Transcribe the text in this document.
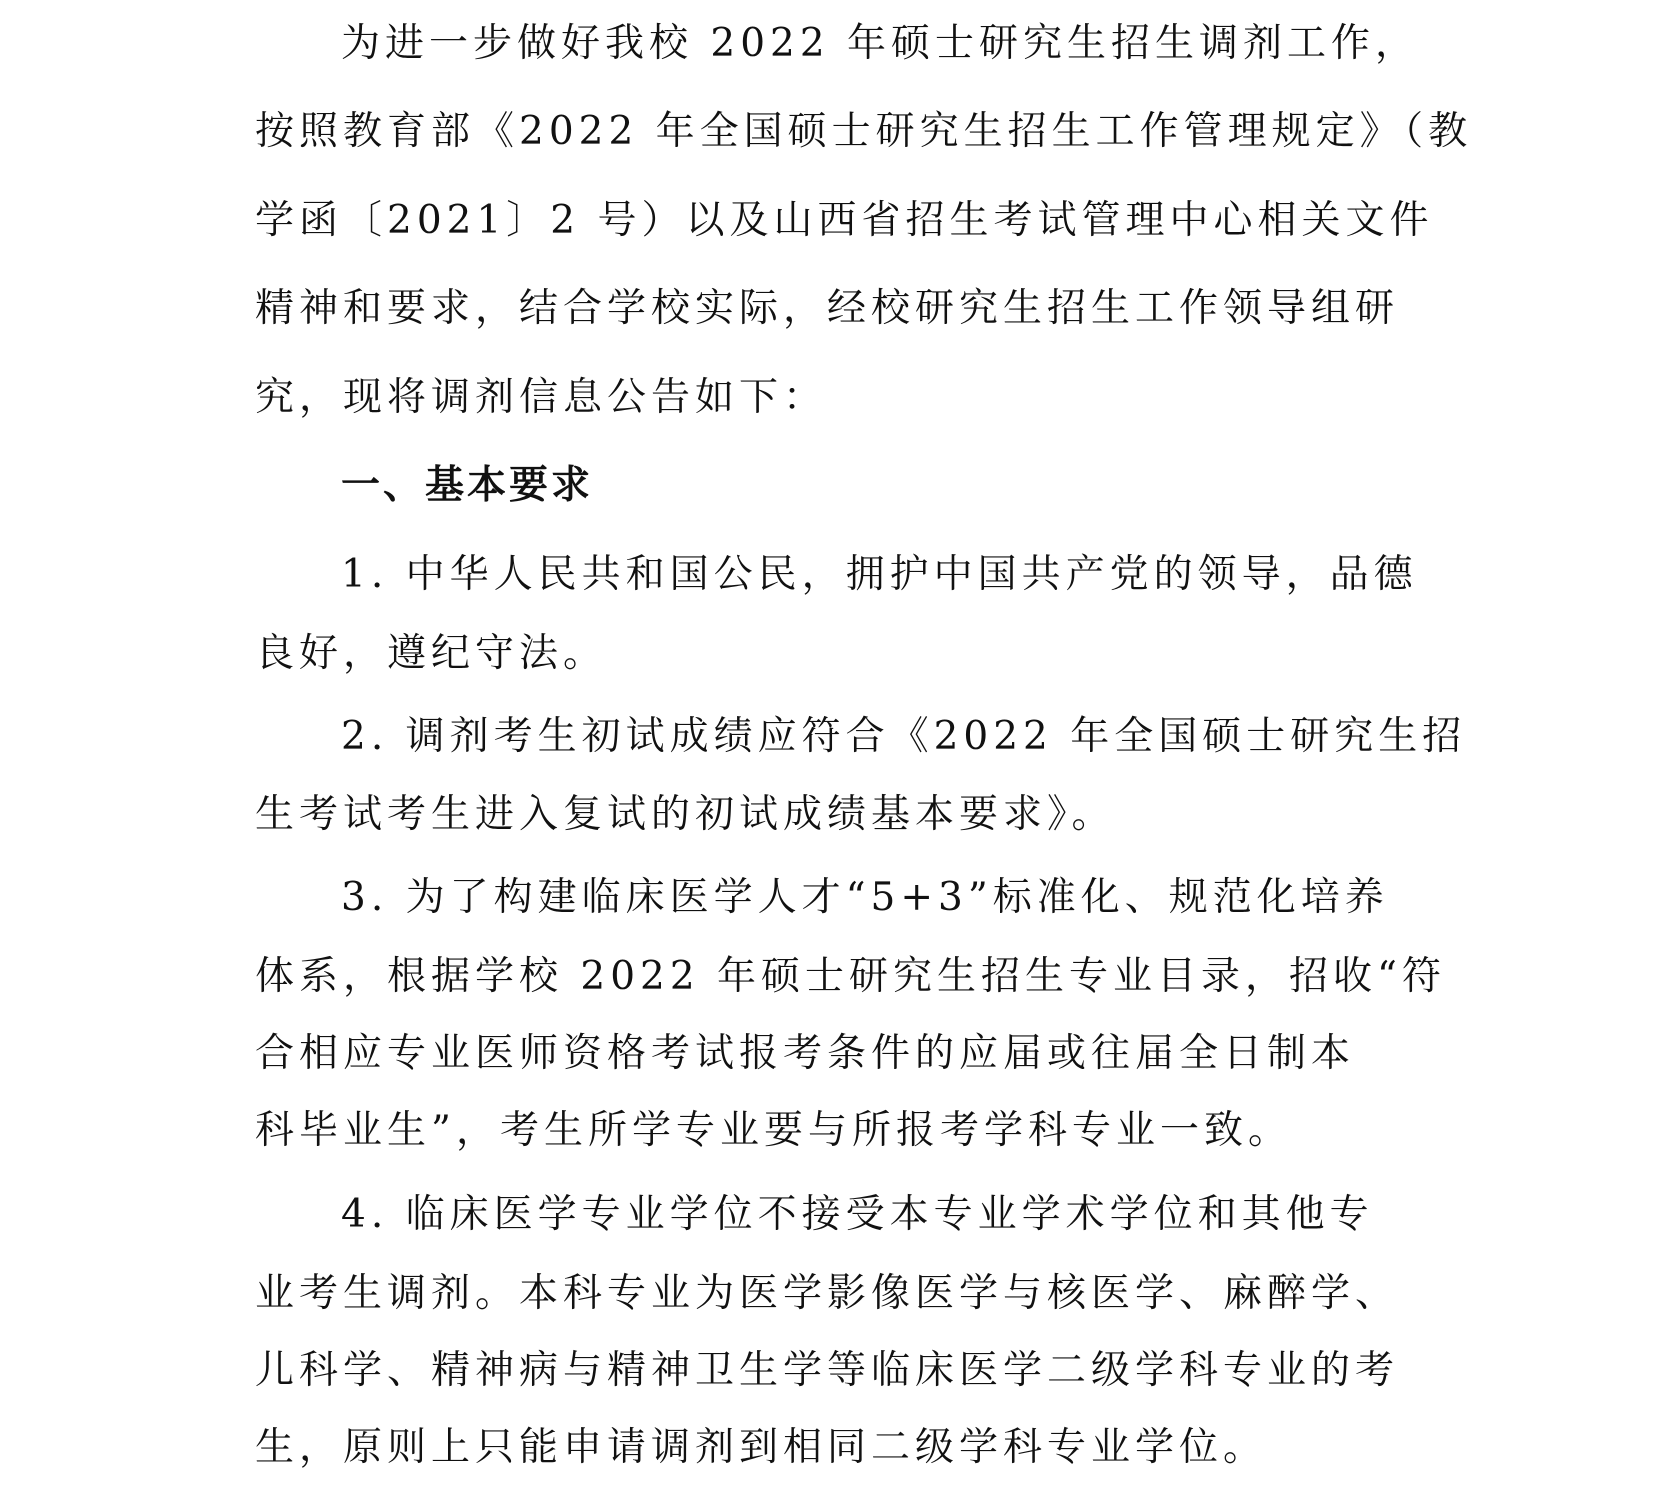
为进一步做好我校 2022 年硕士研究生招生调剂工作，
按照教育部《2022 年全国硕士研究生招生工作管理规定》（教
学函〔2021〕2 号）以及山西省招生考试管理中心相关文件
精神和要求，结合学校实际，经校研究生招生工作领导组研
究，现将调剂信息公告如下：
一、基本要求
1. 中华人民共和国公民，拥护中国共产党的领导，品德
良好，遵纪守法。
2. 调剂考生初试成绩应符合《2022 年全国硕士研究生招
生考试考生进入复试的初试成绩基本要求》。
3. 为了构建临床医学人才“5+3”标准化、规范化培养
体系，根据学校 2022 年硕士研究生招生专业目录，招收“符
合相应专业医师资格考试报考条件的应届或往届全日制本
科毕业生”，考生所学专业要与所报考学科专业一致。
4. 临床医学专业学位不接受本专业学术学位和其他专
业考生调剂。本科专业为医学影像医学与核医学、麻醉学、
儿科学、精神病与精神卫生学等临床医学二级学科专业的考
生，原则上只能申请调剂到相同二级学科专业学位。
